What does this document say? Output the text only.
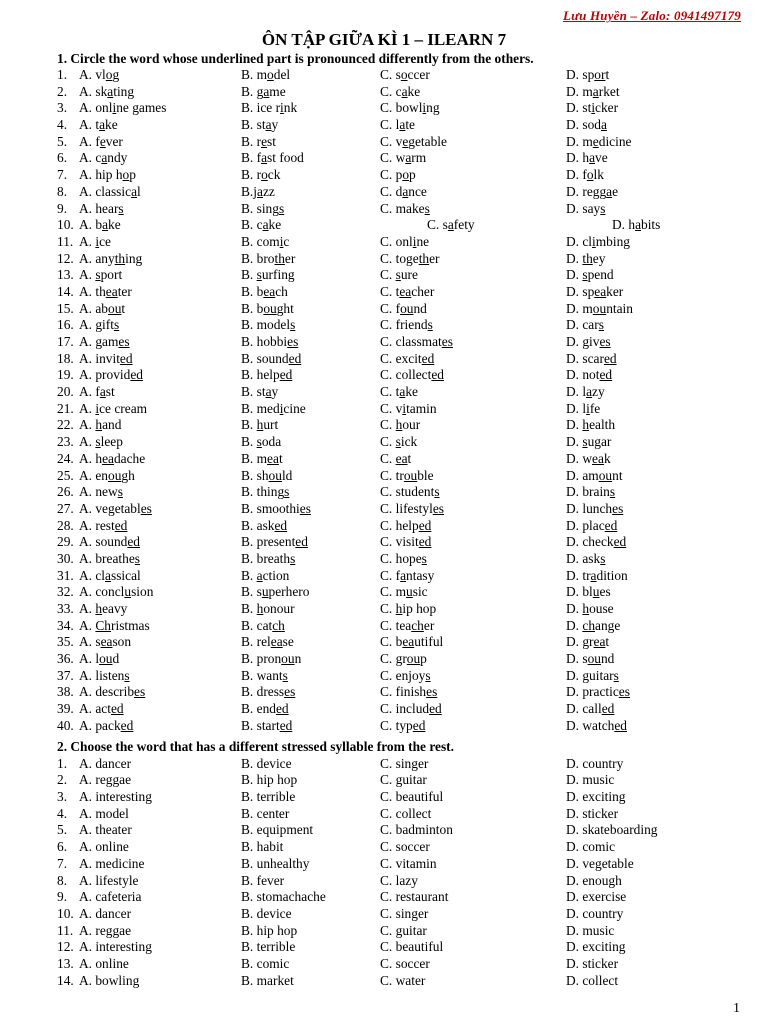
Lưu Huyền – Zalo: 0941497179
ÔN TẬP GIỮA KÌ 1 – ILEARN 7
1. Circle the word whose underlined part is pronounced differently from the others.
1. A. vlog	B. model	C. soccer	D. sport
2. A. skating	B. game	C. cake	D. market
3. A. online games	B. ice rink	C. bowling	D. sticker
4. A. take	B. stay	C. late	D. soda
5. A. fever	B. rest	C. vegetable	D. medicine
6. A. candy	B. fast food	C. warm	D. have
7. A. hip hop	B. rock	C. pop	D. folk
8. A. classical	B.jazz	C. dance	D. reggae
9. A. hears	B. sings	C. makes	D. says
10. A. bake	B. cake	C. safety	D. habits
11. A. ice	B. comic	C. online	D. climbing
12. A. anything	B. brother	C. together	D. they
13. A. sport	B. surfing	C. sure	D. spend
14. A. theater	B. beach	C. teacher	D. speaker
15. A. about	B. bought	C. found	D. mountain
16. A. gifts	B. models	C. friends	D. cars
17. A. games	B. hobbies	C. classmates	D. gives
18. A. invited	B. sounded	C. excited	D. scared
19. A. provided	B. helped	C. collected	D. noted
20. A. fast	B. stay	C. take	D. lazy
21. A. ice cream	B. medicine	C. vitamin	D. life
22. A. hand	B. hurt	C. hour	D. health
23. A. sleep	B. soda	C. sick	D. sugar
24. A. headache	B. meat	C. eat	D. weak
25. A. enough	B. should	C. trouble	D. amount
26. A. news	B. things	C. students	D. brains
27. A. vegetables	B. smoothies	C. lifestyles	D. lunches
28. A. rested	B. asked	C. helped	D. placed
29. A. sounded	B. presented	C. visited	D. checked
30. A. breathes	B. breaths	C. hopes	D. asks
31. A. classical	B. action	C. fantasy	D. tradition
32. A. conclusion	B. superhero	C. music	D. blues
33. A. heavy	B. honour	C. hip hop	D. house
34. A. Christmas	B. catch	C. teacher	D. change
35. A. season	B. release	C. beautiful	D. great
36. A. loud	B. pronoun	C. group	D. sound
37. A. listens	B. wants	C. enjoys	D. guitars
38. A. describes	B. dresses	C. finishes	D. practices
39. A. acted	B. ended	C. included	D. called
40. A. packed	B. started	C. typed	D. watched
2. Choose the word that has a different stressed syllable from the rest.
1. A. dancer	B. device	C. singer	D. country
2. A. reggae	B. hip hop	C. guitar	D. music
3. A. interesting	B. terrible	C. beautiful	D. exciting
4. A. model	B. center	C. collect	D. sticker
5. A. theater	B. equipment	C. badminton	D. skateboarding
6. A. online	B. habit	C. soccer	D. comic
7. A. medicine	B. unhealthy	C. vitamin	D. vegetable
8. A. lifestyle	B. fever	C. lazy	D. enough
9. A. cafeteria	B. stomachache	C. restaurant	D. exercise
10. A. dancer	B. device	C. singer	D. country
11. A. reggae	B. hip hop	C. guitar	D. music
12. A. interesting	B. terrible	C. beautiful	D. exciting
13. A. online	B. comic	C. soccer	D. sticker
14. A. bowling	B. market	C. water	D. collect
1
